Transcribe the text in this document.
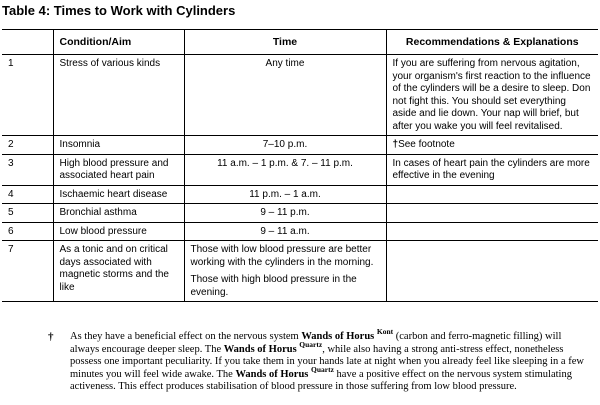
Table 4: Times to Work with Cylinders
	Condition/Aim	Time	Recommendations & Explanations
1	Stress of various kinds	Any time	If you are suffering from nervous agitation, your organism's first reaction to the influence of the cylinders will be a desire to sleep. Don not fight this. You should set everything aside and lie down. Your nap will brief, but after you wake you will feel revitalised.
2	Insomnia	7–10 p.m.	†See footnote
3	High blood pressure and associated heart pain	11 a.m. – 1 p.m. & 7. – 11 p.m.	In cases of heart pain the cylinders are more effective in the evening
4	Ischaemic heart disease	11 p.m. – 1 a.m.	
5	Bronchial asthma	9 – 11 p.m.	
6	Low blood pressure	9 – 11 a.m.	
7	As a tonic and on critical days associated with magnetic storms and the like	Those with low blood pressure are better working with the cylinders in the morning.
Those with high blood pressure in the evening.	

† As they have a beneficial effect on the nervous system Wands of Horus $^{Kont}$ (carbon and ferro-magnetic filling) will always encourage deeper sleep. The Wands of Horus $^{Quartz}$, while also having a strong anti-stress effect, nonetheless possess one important peculiarity. If you take them in your hands late at night when you already feel like sleeping in a few minutes you will feel wide awake. The Wands of Horus $^{Quartz}$ have a positive effect on the nervous system stimulating activeness. This effect produces stabilisation of blood pressure in those suffering from low blood pressure.
